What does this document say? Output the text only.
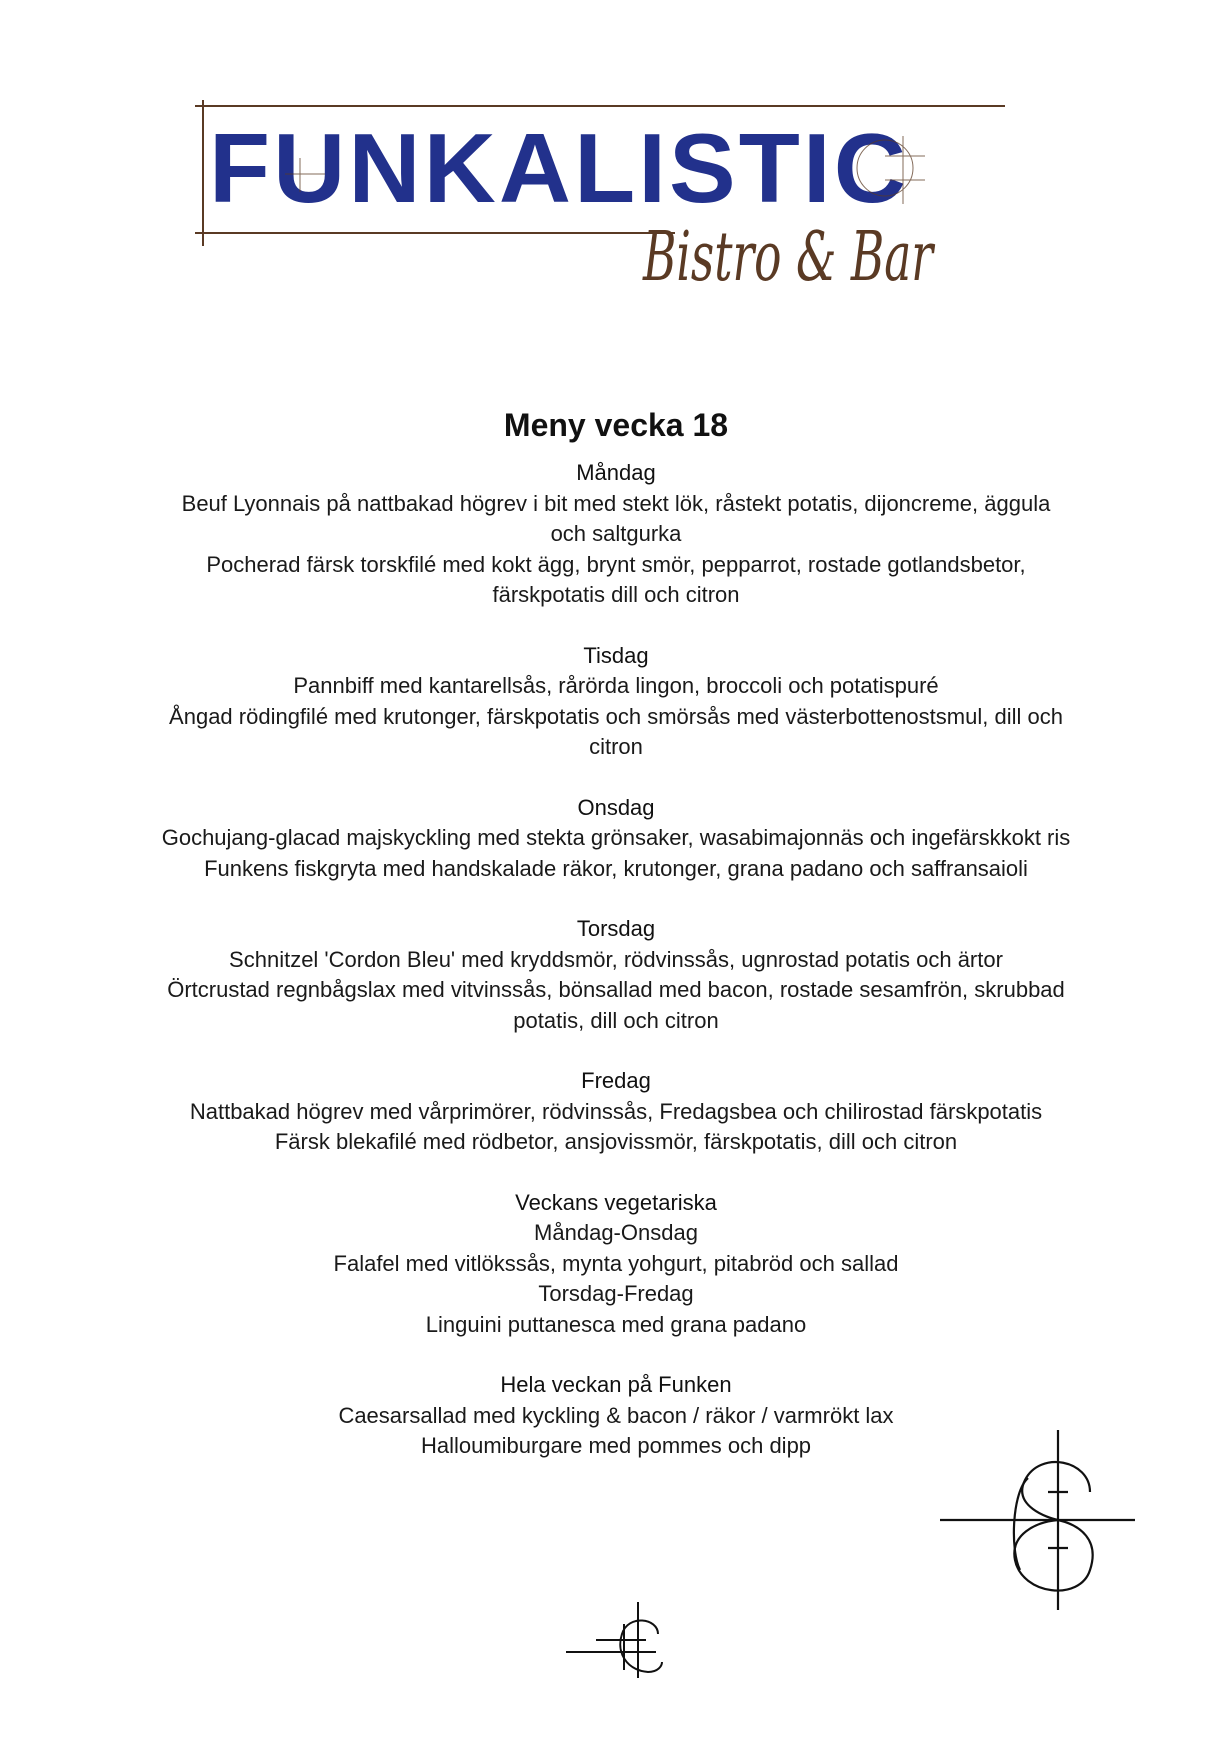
FUNKALISTIC
Bistro & Bar
Meny vecka 18
Måndag
Beuf Lyonnais på nattbakad högrev i bit med stekt lök, råstekt potatis, dijoncreme, äggula
och saltgurka
Pocherad färsk torskfilé med kokt ägg, brynt smör, pepparrot, rostade gotlandsbetor,
färskpotatis dill och citron
Tisdag
Pannbiff med kantarellsås, rårörda lingon, broccoli och potatispuré
Ångad rödingfilé med krutonger, färskpotatis och smörsås med västerbottenostsmul, dill och
citron
Onsdag
Gochujang-glacad majskyckling med stekta grönsaker, wasabimajonnäs och ingefärskkokt ris
Funkens fiskgryta med handskalade räkor, krutonger, grana padano och saffransaioli
Torsdag
Schnitzel 'Cordon Bleu' med kryddsmör, rödvinssås, ugnrostad potatis och ärtor
Örtcrustad regnbågslax med vitvinssås, bönsallad med bacon, rostade sesamfrön, skrubbad
potatis, dill och citron
Fredag
Nattbakad högrev med vårprimörer, rödvinssås, Fredagsbea och chilirostad färskpotatis
Färsk blekafilé med rödbetor, ansjovissmör, färskpotatis, dill och citron
Veckans vegetariska
Måndag-Onsdag
Falafel med vitlökssås, mynta yohgurt, pitabröd och sallad
Torsdag-Fredag
Linguini puttanesca med grana padano
Hela veckan på Funken
Caesarsallad med kyckling & bacon / räkor / varmrökt lax
Halloumiburgare med pommes och dipp
